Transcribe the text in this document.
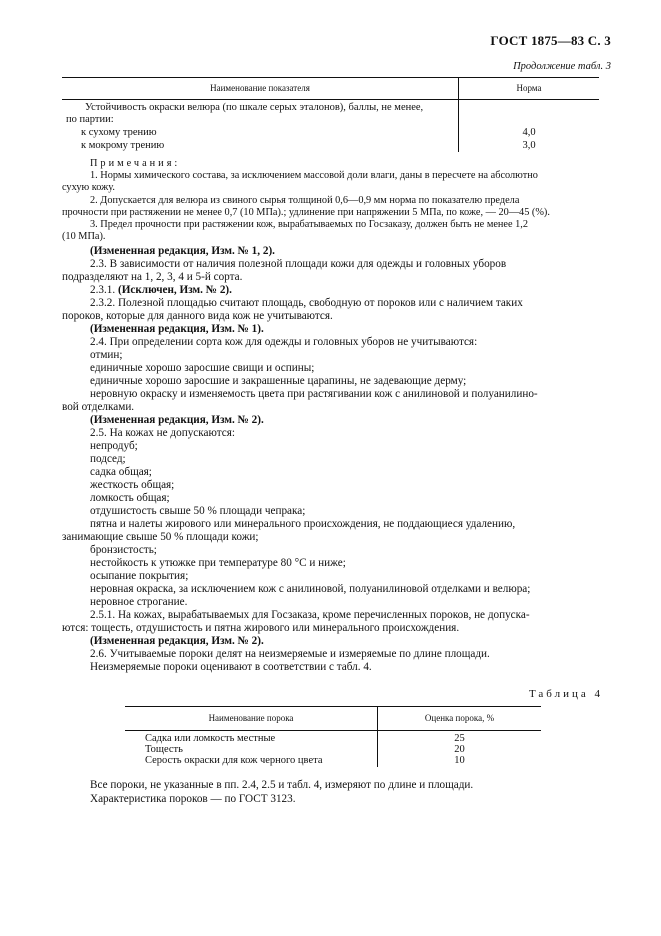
ГОСТ 1875—83 С. 3
Продолжение табл. 3
Наименование показателя	Норма
Устойчивость окраски велюра (по шкале серых эталонов), баллы, не менее,
по партии:
к сухому трению	4,0
к мокрому трению	3,0
Примечания:
1. Нормы химического состава, за исключением массовой доли влаги, даны в пересчете на абсолютно
сухую кожу.
2. Допускается для велюра из свиного сырья толщиной 0,6—0,9 мм норма по показателю предела
прочности при растяжении не менее 0,7 (10 МПа).; удлинение при напряжении 5 МПа, по коже, — 20—45 (%).
3. Предел прочности при растяжении кож, вырабатываемых по Госзаказу, должен быть не менее 1,2
(10 МПа).
(Измененная редакция, Изм. № 1, 2).
2.3. В зависимости от наличия полезной площади кожи для одежды и головных уборов
подразделяют на 1, 2, 3, 4 и 5-й сорта.
2.3.1. (Исключен, Изм. № 2).
2.3.2. Полезной площадью считают площадь, свободную от пороков или с наличием таких
пороков, которые для данного вида кож не учитываются.
(Измененная редакция, Изм. № 1).
2.4. При определении сорта кож для одежды и головных уборов не учитываются:
отмин;
единичные хорошо заросшие свищи и оспины;
единичные хорошо заросшие и закрашенные царапины, не задевающие дерму;
неровную окраску и изменяемость цвета при растягивании кож с анилиновой и полуанилино-
вой отделками.
(Измененная редакция, Изм. № 2).
2.5. На кожах не допускаются:
непродуб;
подсед;
садка общая;
жесткость общая;
ломкость общая;
отдушистость свыше 50 % площади чепрака;
пятна и налеты жирового или минерального происхождения, не поддающиеся удалению,
занимающие свыше 50 % площади кожи;
бронзистость;
нестойкость к утюжке при температуре 80 °С и ниже;
осыпание покрытия;
неровная окраска, за исключением кож с анилиновой, полуанилиновой отделками и велюра;
неровное строгание.
2.5.1. На кожах, вырабатываемых для Госзаказа, кроме перечисленных пороков, не допуска-
ются: тощесть, отдушистость и пятна жирового или минерального происхождения.
(Измененная редакция, Изм. № 2).
2.6. Учитываемые пороки делят на неизмеряемые и измеряемые по длине площади.
Неизмеряемые пороки оценивают в соответствии с табл. 4.
Таблица 4
Наименование порока	Оценка порока, %
Садка или ломкость местные	25
Тощесть	20
Серость окраски для кож черного цвета	10
Все пороки, не указанные в пп. 2.4, 2.5 и табл. 4, измеряют по длине и площади.
Характеристика пороков — по ГОСТ 3123.
